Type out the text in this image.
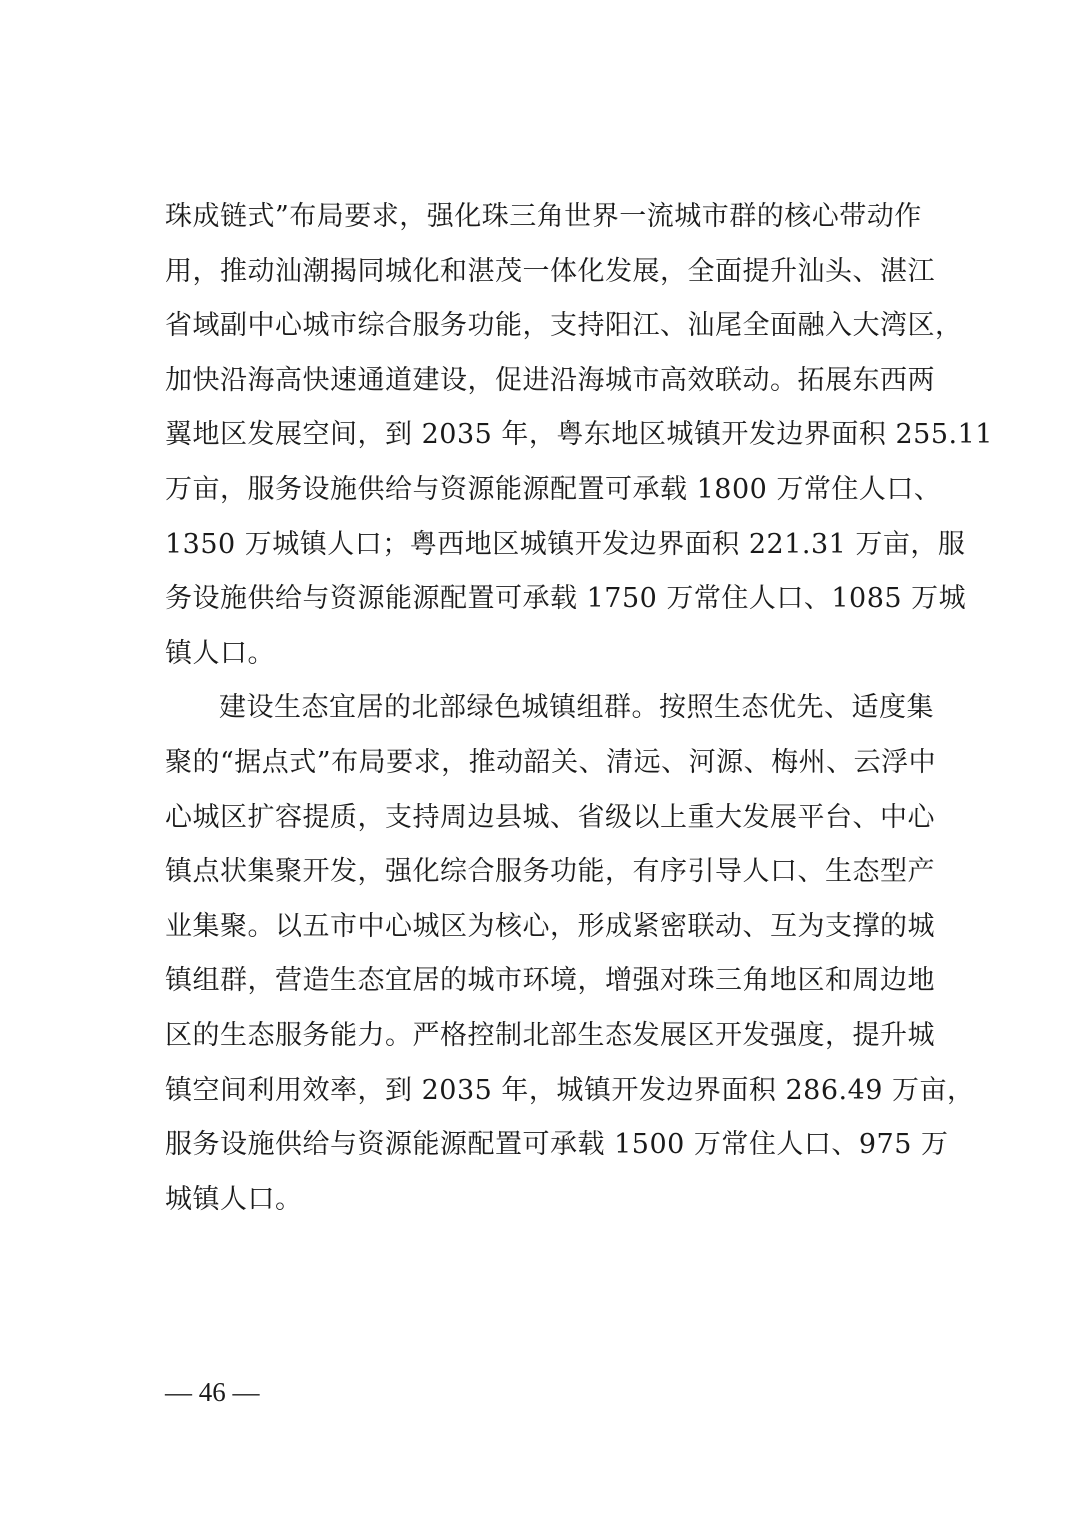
珠成链式”布局要求，强化珠三角世界一流城市群的核心带动作
用，推动汕潮揭同城化和湛茂一体化发展，全面提升汕头、湛江
省域副中心城市综合服务功能，支持阳江、汕尾全面融入大湾区，
加快沿海高快速通道建设，促进沿海城市高效联动。拓展东西两
翼地区发展空间，到 2035 年，粤东地区城镇开发边界面积 255.11
万亩，服务设施供给与资源能源配置可承载 1800 万常住人口、
1350 万城镇人口；粤西地区城镇开发边界面积 221.31 万亩，服
务设施供给与资源能源配置可承载 1750 万常住人口、1085 万城
镇人口。
建设生态宜居的北部绿色城镇组群。按照生态优先、适度集
聚的“据点式”布局要求，推动韶关、清远、河源、梅州、云浮中
心城区扩容提质，支持周边县城、省级以上重大发展平台、中心
镇点状集聚开发，强化综合服务功能，有序引导人口、生态型产
业集聚。以五市中心城区为核心，形成紧密联动、互为支撑的城
镇组群，营造生态宜居的城市环境，增强对珠三角地区和周边地
区的生态服务能力。严格控制北部生态发展区开发强度，提升城
镇空间利用效率，到 2035 年，城镇开发边界面积 286.49 万亩，
服务设施供给与资源能源配置可承载 1500 万常住人口、975 万
城镇人口。
— 46 —
